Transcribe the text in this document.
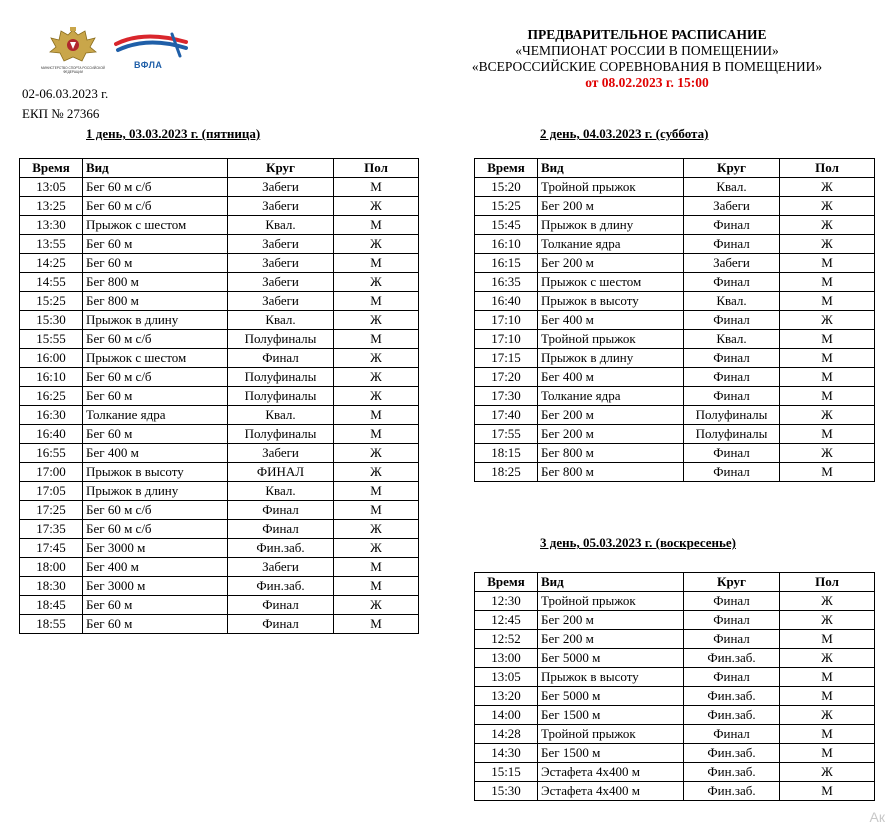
МИНИСТЕРСТВО СПОРТА РОССИЙСКОЙ ФЕДЕРАЦИИ
ВФЛА
02-06.03.2023 г.
ЕКП № 27366
ПРЕДВАРИТЕЛЬНОЕ РАСПИСАНИЕ
«ЧЕМПИОНАТ РОССИИ В ПОМЕЩЕНИИ»
«ВСЕРОССИЙСКИЕ СОРЕВНОВАНИЯ В ПОМЕЩЕНИИ»
от 08.02.2023 г. 15:00
1 день, 03.03.2023 г. (пятница)	2 день, 04.03.2023 г. (суббота)
3 день, 05.03.2023 г. (воскресенье)
Время	Вид	Круг	Пол
13:05	Бег 60 м с/б	Забеги	М
13:25	Бег 60 м с/б	Забеги	Ж
13:30	Прыжок с шестом	Квал.	М
13:55	Бег 60 м	Забеги	Ж
14:25	Бег 60 м	Забеги	М
14:55	Бег 800 м	Забеги	Ж
15:25	Бег 800 м	Забеги	М
15:30	Прыжок в длину	Квал.	Ж
15:55	Бег 60 м с/б	Полуфиналы	М
16:00	Прыжок с шестом	Финал	Ж
16:10	Бег 60 м с/б	Полуфиналы	Ж
16:25	Бег 60 м	Полуфиналы	Ж
16:30	Толкание ядра	Квал.	М
16:40	Бег 60 м	Полуфиналы	М
16:55	Бег 400 м	Забеги	Ж
17:00	Прыжок в высоту	ФИНАЛ	Ж
17:05	Прыжок в длину	Квал.	М
17:25	Бег 60 м с/б	Финал	М
17:35	Бег 60 м с/б	Финал	Ж
17:45	Бег 3000 м	Фин.заб.	Ж
18:00	Бег 400 м	Забеги	М
18:30	Бег 3000 м	Фин.заб.	М
18:45	Бег 60 м	Финал	Ж
18:55	Бег 60 м	Финал	М
Время	Вид	Круг	Пол
15:20	Тройной прыжок	Квал.	Ж
15:25	Бег 200 м	Забеги	Ж
15:45	Прыжок в длину	Финал	Ж
16:10	Толкание ядра	Финал	Ж
16:15	Бег 200 м	Забеги	М
16:35	Прыжок с шестом	Финал	М
16:40	Прыжок в высоту	Квал.	М
17:10	Бег 400 м	Финал	Ж
17:10	Тройной прыжок	Квал.	М
17:15	Прыжок в длину	Финал	М
17:20	Бег 400 м	Финал	М
17:30	Толкание ядра	Финал	М
17:40	Бег 200 м	Полуфиналы	Ж
17:55	Бег 200 м	Полуфиналы	М
18:15	Бег 800 м	Финал	Ж
18:25	Бег 800 м	Финал	М
Время	Вид	Круг	Пол
12:30	Тройной прыжок	Финал	Ж
12:45	Бег 200 м	Финал	Ж
12:52	Бег 200 м	Финал	М
13:00	Бег 5000 м	Фин.заб.	Ж
13:05	Прыжок в высоту	Финал	М
13:20	Бег 5000 м	Фин.заб.	М
14:00	Бег 1500 м	Фин.заб.	Ж
14:28	Тройной прыжок	Финал	М
14:30	Бег 1500 м	Фин.заб.	М
15:15	Эстафета 4х400 м	Фин.заб.	Ж
15:30	Эстафета 4х400 м	Фин.заб.	М
Ак
